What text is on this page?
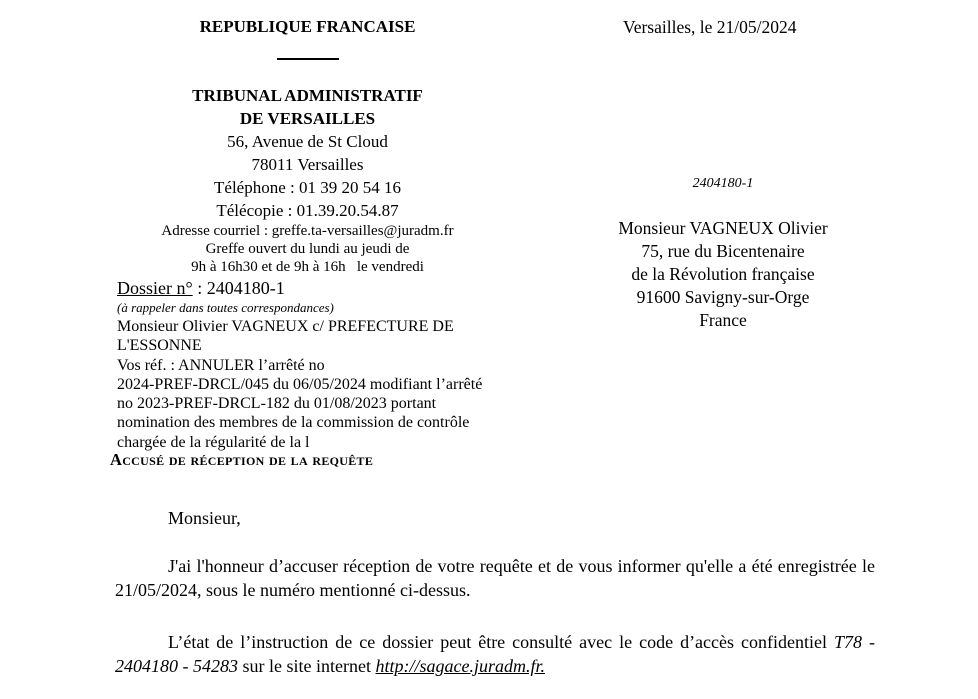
REPUBLIQUE FRANCAISE
TRIBUNAL ADMINISTRATIF
DE VERSAILLES
56, Avenue de St Cloud
78011 Versailles
Téléphone : 01 39 20 54 16
Télécopie : 01.39.20.54.87
Adresse courriel : greffe.ta-versailles@juradm.fr
Greffe ouvert du lundi au jeudi de
9h à 16h30 et de 9h à 16h   le vendredi
Versailles, le 21/05/2024
2404180-1
Monsieur VAGNEUX Olivier
75, rue du Bicentenaire
de la Révolution française
91600 Savigny-sur-Orge
France
Dossier n° : 2404180-1
(à rappeler dans toutes correspondances)
Monsieur Olivier VAGNEUX c/ PREFECTURE DE
L'ESSONNE
Vos réf. : ANNULER l’arrêté no
2024-PREF-DRCL/045 du 06/05/2024 modifiant l’arrêté
no 2023-PREF-DRCL-182 du 01/08/2023 portant
nomination des membres de la commission de contrôle
chargée de la régularité de la l
Accusé de réception de la requête
Monsieur,

J'ai l'honneur d’accuser réception de votre requête et de vous informer qu'elle a été enregistrée le 21/05/2024, sous le numéro mentionné ci-dessus.

L’état de l’instruction de ce dossier peut être consulté avec le code d’accès confidentiel T78 - 2404180 - 54283 sur le site internet http://sagace.juradm.fr.
